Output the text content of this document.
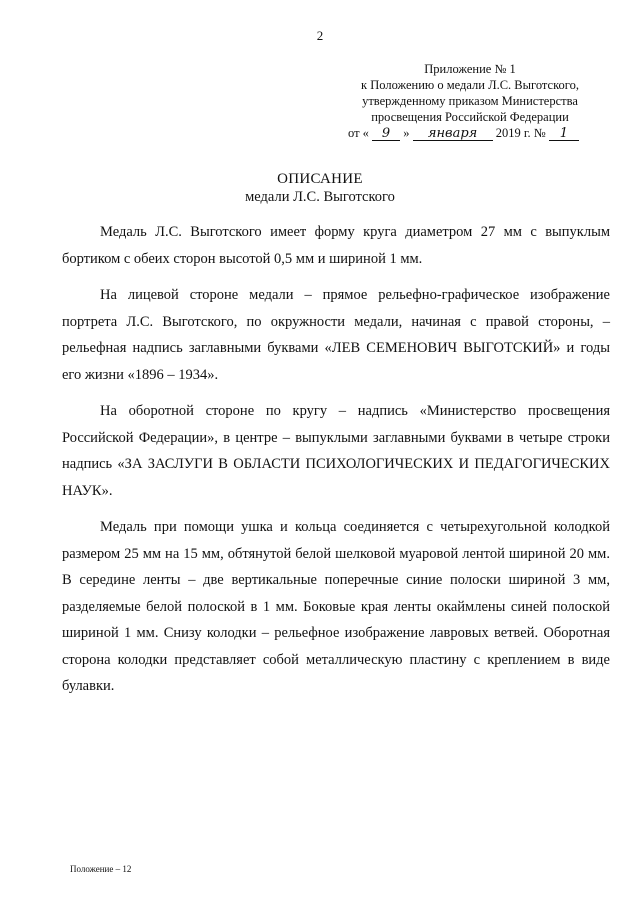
2
Приложение № 1
к Положению о медали Л.С. Выготского,
утвержденному приказом Министерства
просвещения Российской Федерации
от « 9 » января 2019 г. № 1
ОПИСАНИЕ
медали Л.С. Выготского

Медаль Л.С. Выготского имеет форму круга диаметром 27 мм с выпуклым бортиком с обеих сторон высотой 0,5 мм и шириной 1 мм.

На лицевой стороне медали – прямое рельефно-графическое изображение портрета Л.С. Выготского, по окружности медали, начиная с правой стороны, – рельефная надпись заглавными буквами «ЛЕВ СЕМЕНОВИЧ ВЫГОТСКИЙ» и годы его жизни «1896 – 1934».

На оборотной стороне по кругу – надпись «Министерство просвещения Российской Федерации», в центре – выпуклыми заглавными буквами в четыре строки надпись «ЗА ЗАСЛУГИ В ОБЛАСТИ ПСИХОЛОГИЧЕСКИХ И ПЕДАГОГИЧЕСКИХ НАУК».

Медаль при помощи ушка и кольца соединяется с четырехугольной колодкой размером 25 мм на 15 мм, обтянутой белой шелковой муаровой лентой шириной 20 мм. В середине ленты – две вертикальные поперечные синие полоски шириной 3 мм, разделяемые белой полоской в 1 мм. Боковые края ленты окаймлены синей полоской шириной 1 мм. Снизу колодки – рельефное изображение лавровых ветвей. Оборотная сторона колодки представляет собой металлическую пластину с креплением в виде булавки.

Положение – 12
